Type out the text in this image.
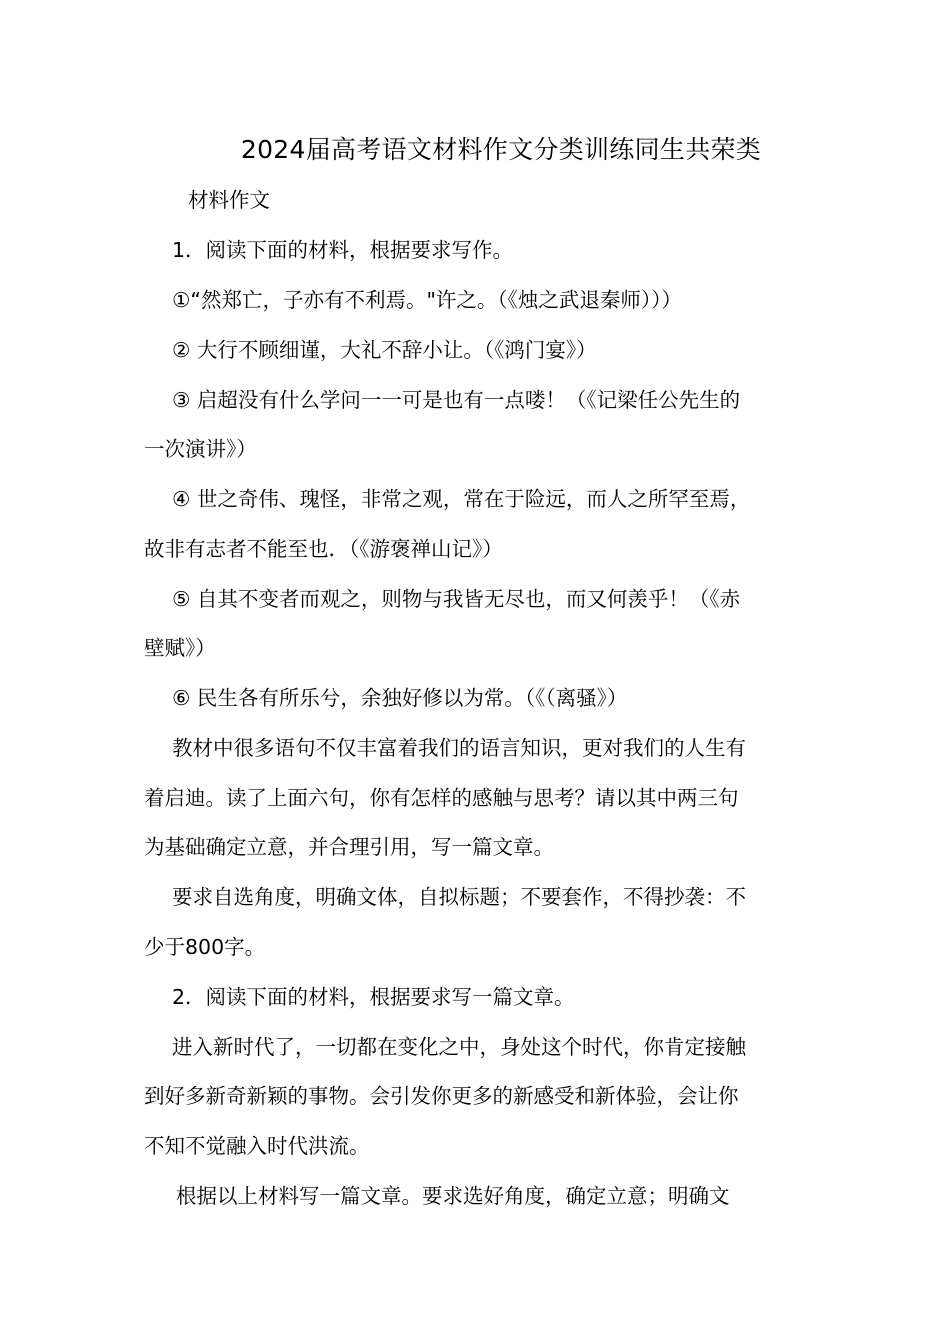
2024届高考语文材料作文分类训练同生共荣类
材料作文
1．阅读下面的材料，根据要求写作。
①“然郑亡，子亦有不利焉。"许之。（《烛之武退秦师）））
② 大行不顾细谨，大礼不辞小让。（《鸿门宴》）
③ 启超没有什么学问一一可是也有一点喽！（《记梁任公先生的
一次演讲》）
④ 世之奇伟、瑰怪，非常之观，常在于险远，而人之所罕至焉，
故非有志者不能至也．（《游褒禅山记》）
⑤ 自其不变者而观之，则物与我皆无尽也，而又何羡乎！（《赤
壁赋》）
⑥ 民生各有所乐兮，余独好修以为常。（《（离骚》）
教材中很多语句不仅丰富着我们的语言知识，更对我们的人生有
着启迪。读了上面六句，你有怎样的感触与思考？请以其中两三句
为基础确定立意，并合理引用，写一篇文章。
要求自选角度，明确文体，自拟标题；不要套作，不得抄袭：不
少于800字。
2．阅读下面的材料，根据要求写一篇文章。
进入新时代了，一切都在变化之中，身处这个时代，你肯定接触
到好多新奇新颖的事物。会引发你更多的新感受和新体验，会让你
不知不觉融入时代洪流。
根据以上材料写一篇文章。要求选好角度，确定立意；明确文
